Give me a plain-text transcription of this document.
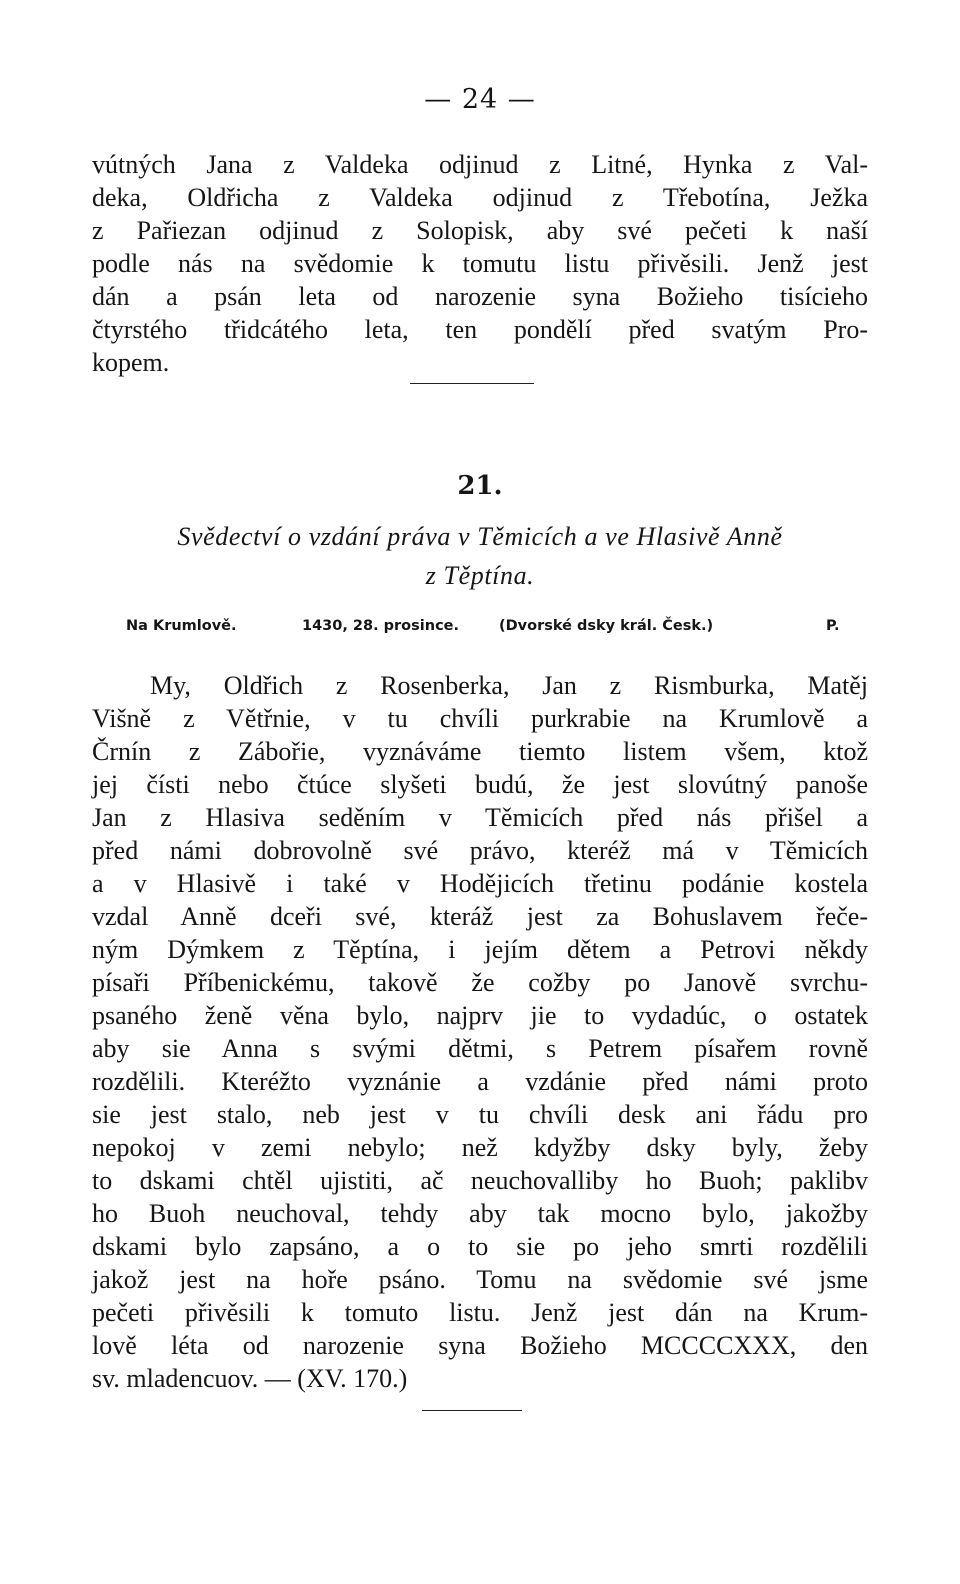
— 24 —
vútných Jana z Valdeka odjinud z Litné, Hynka z Val-
deka, Oldřicha z Valdeka odjinud z Třebotína, Ježka
z Pařiezan odjinud z Solopisk, aby své pečeti k naší
podle nás na svědomie k tomutu listu přivěsili. Jenž jest
dán a psán leta od narozenie syna Božieho tisícieho
čtyrstého třidcátého leta, ten pondělí před svatým Pro-
kopem.
21.
Svědectví o vzdání práva v Těmicích a ve Hlasivě Anně
z Těptína.
Na Krumlově.	1430, 28. prosince.	(Dvorské dsky král. Česk.)	P.
My, Oldřich z Rosenberka, Jan z Rismburka, Matěj
Višně z Větřnie, v tu chvíli purkrabie na Krumlově a
Črnín z Zábořie, vyznáváme tiemto listem všem, ktož
jej čísti nebo čtúce slyšeti budú, že jest slovútný panoše
Jan z Hlasiva seděním v Těmicích před nás přišel a
před námi dobrovolně své právo, kteréž má v Těmicích
a v Hlasivě i také v Hodějicích třetinu podánie kostela
vzdal Anně dceři své, kteráž jest za Bohuslavem řeče-
ným Dýmkem z Těptína, i jejím dětem a Petrovi někdy
písaři Příbenickému, takově že cožby po Janově svrchu-
psaného ženě věna bylo, najprv jie to vydadúc, o ostatek
aby sie Anna s svými dětmi, s Petrem písařem rovně
rozdělili. Kteréžto vyznánie a vzdánie před námi proto
sie jest stalo, neb jest v tu chvíli desk ani řádu pro
nepokoj v zemi nebylo; než kdyžby dsky byly, žeby
to dskami chtěl ujistiti, ač neuchovalliby ho Buoh; paklibv
ho Buoh neuchoval, tehdy aby tak mocno bylo, jakožby
dskami bylo zapsáno, a o to sie po jeho smrti rozdělili
jakož jest na hoře psáno. Tomu na svědomie své jsme
pečeti přivěsili k tomuto listu. Jenž jest dán na Krum-
lově léta od narozenie syna Božieho MCCCCXXX, den
sv. mladencuov. — (XV. 170.)
